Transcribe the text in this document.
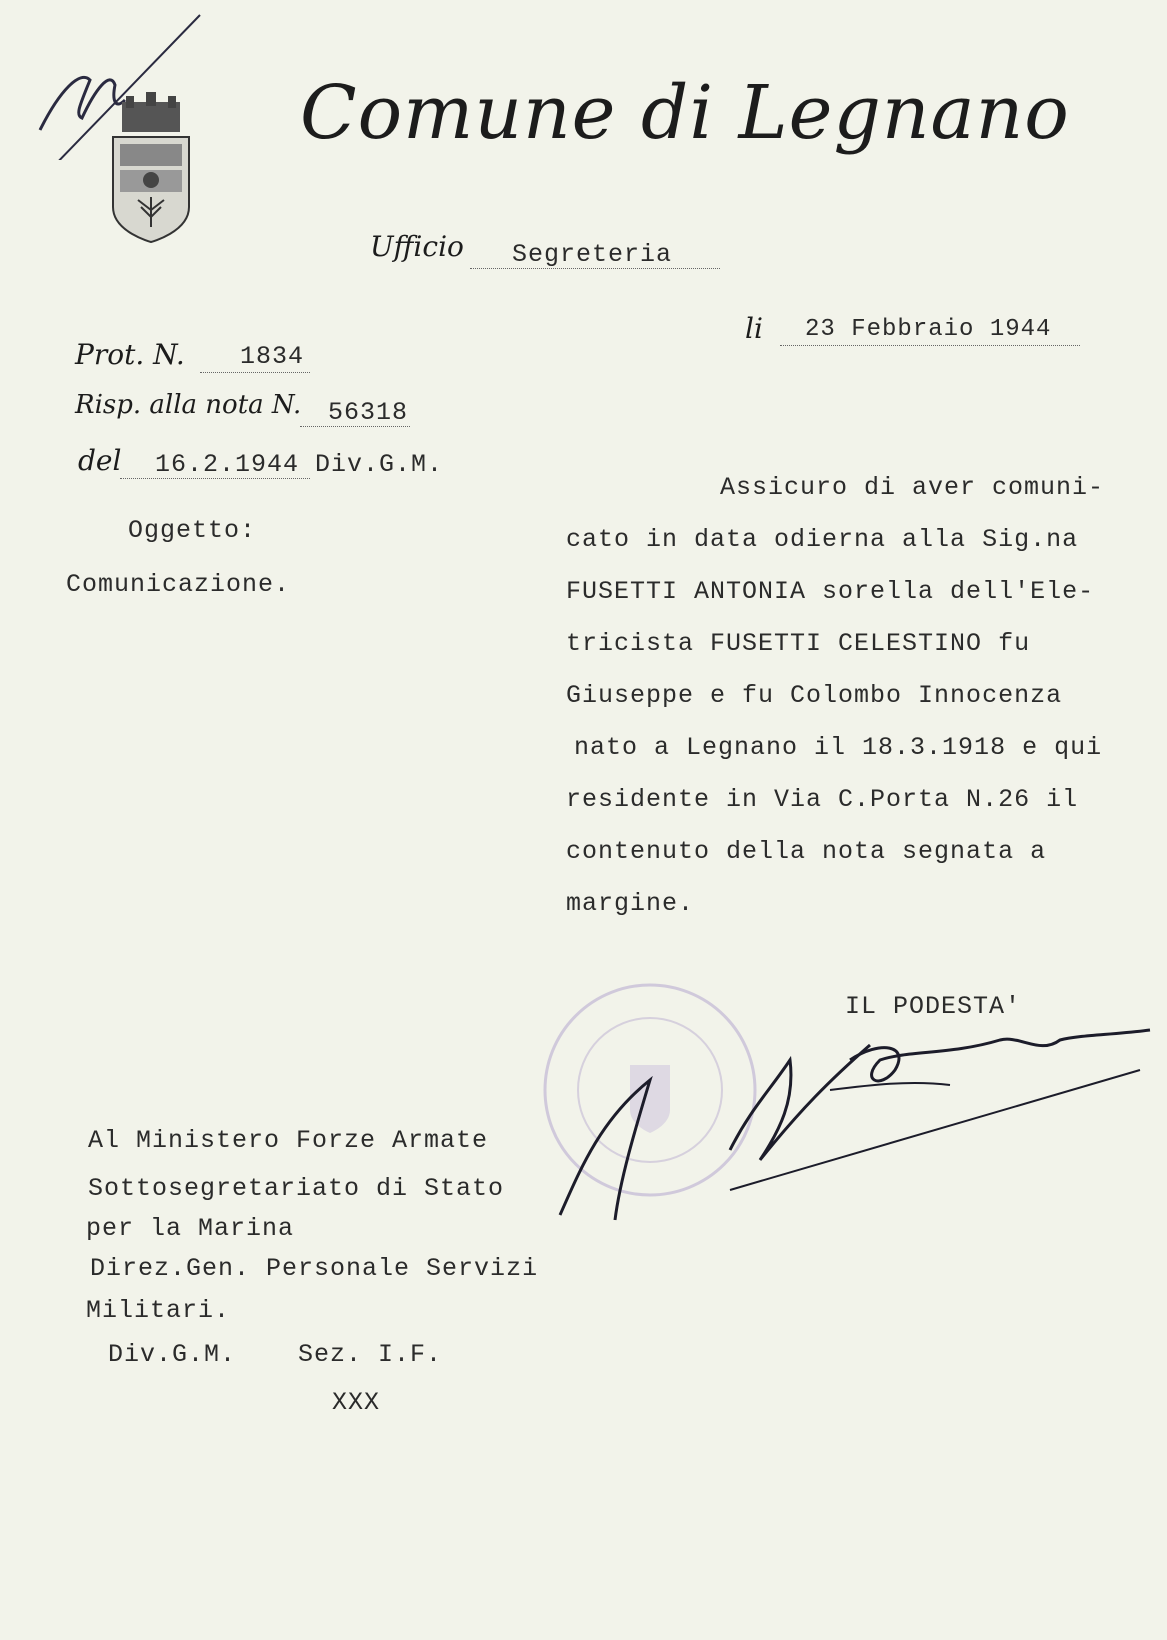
Comune di Legnano
Ufficio Segreteria
li 23 Febbraio 1944
Prot. N. 1834
Risp. alla nota N. 56318
del 16.2.1944 Div.G.M.
Oggetto:
Comunicazione.
Assicuro di aver comuni-
cato in data odierna alla Sig.na
FUSETTI ANTONIA sorella dell'Ele-
tricista FUSETTI CELESTINO fu
Giuseppe e fu Colombo Innocenza
nato a Legnano il 18.3.1918 e qui
residente in Via C.Porta N.26 il
contenuto della nota segnata a
margine.
IL PODESTA'
Al Ministero Forze Armate
Sottosegretariato di Stato
per la Marina
Direz.Gen. Personale Servizi
Militari.
Div.G.M. Sez. I.F.
XXX
